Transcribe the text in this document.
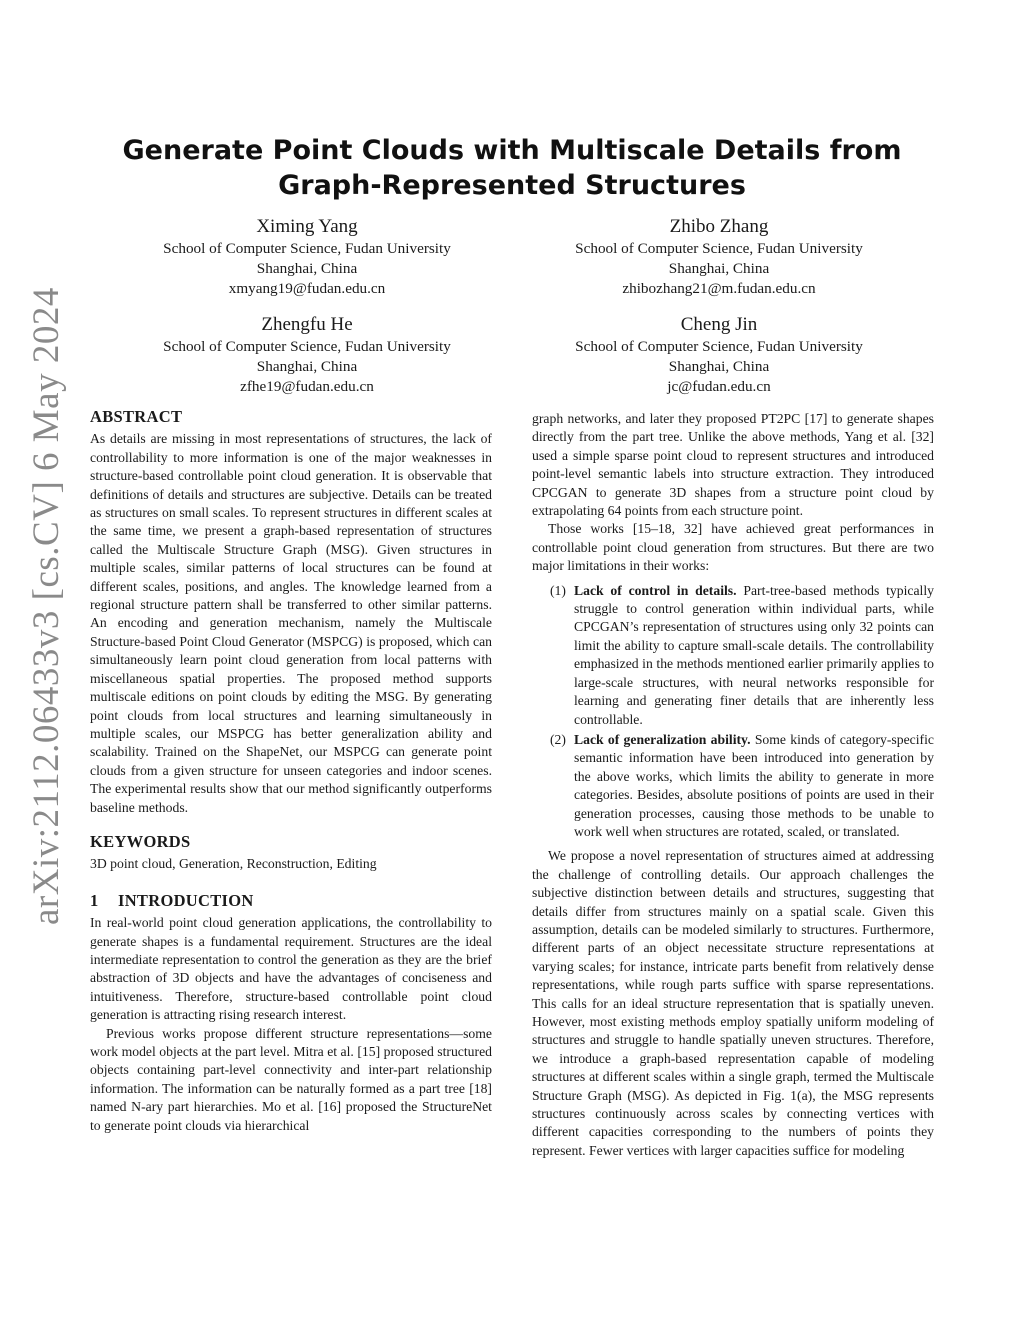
arXiv:2112.06433v3 [cs.CV] 6 May 2024
Generate Point Clouds with Multiscale Details from Graph-Represented Structures
Ximing Yang
School of Computer Science, Fudan University
Shanghai, China
xmyang19@fudan.edu.cn
Zhibo Zhang
School of Computer Science, Fudan University
Shanghai, China
zhibozhang21@m.fudan.edu.cn
Zhengfu He
School of Computer Science, Fudan University
Shanghai, China
zfhe19@fudan.edu.cn
Cheng Jin
School of Computer Science, Fudan University
Shanghai, China
jc@fudan.edu.cn
ABSTRACT

As details are missing in most representations of structures, the lack of controllability to more information is one of the major weaknesses in structure-based controllable point cloud generation. It is observable that definitions of details and structures are subjective. Details can be treated as structures on small scales. To represent structures in different scales at the same time, we present a graph-based representation of structures called the Multiscale Structure Graph (MSG). Given structures in multiple scales, similar patterns of local structures can be found at different scales, positions, and angles. The knowledge learned from a regional structure pattern shall be transferred to other similar patterns. An encoding and generation mechanism, namely the Multiscale Structure-based Point Cloud Generator (MSPCG) is proposed, which can simultaneously learn point cloud generation from local patterns with miscellaneous spatial properties. The proposed method supports multiscale editions on point clouds by editing the MSG. By generating point clouds from local structures and learning simultaneously in multiple scales, our MSPCG has better generalization ability and scalability. Trained on the ShapeNet, our MSPCG can generate point clouds from a given structure for unseen categories and indoor scenes. The experimental results show that our method significantly outperforms baseline methods.

KEYWORDS

3D point cloud, Generation, Reconstruction, Editing

1 INTRODUCTION

In real-world point cloud generation applications, the controllability to generate shapes is a fundamental requirement. Structures are the ideal intermediate representation to control the generation as they are the brief abstraction of 3D objects and have the advantages of conciseness and intuitiveness. Therefore, structure-based controllable point cloud generation is attracting rising research interest.

Previous works propose different structure representations—some work model objects at the part level. Mitra et al. [15] proposed structured objects containing part-level connectivity and inter-part relationship information. The information can be naturally formed as a part tree [18] named N-ary part hierarchies. Mo et al. [16] proposed the StructureNet to generate point clouds via hierarchical

graph networks, and later they proposed PT2PC [17] to generate shapes directly from the part tree. Unlike the above methods, Yang et al. [32] used a simple sparse point cloud to represent structures and introduced point-level semantic labels into structure extraction. They introduced CPCGAN to generate 3D shapes from a structure point cloud by extrapolating 64 points from each structure point.

Those works [15–18, 32] have achieved great performances in controllable point cloud generation from structures. But there are two major limitations in their works:

(1) Lack of control in details. Part-tree-based methods typically struggle to control generation within individual parts, while CPCGAN’s representation of structures using only 32 points can limit the ability to capture small-scale details. The controllability emphasized in the methods mentioned earlier primarily applies to large-scale structures, with neural networks responsible for learning and generating finer details that are inherently less controllable.
(2) Lack of generalization ability. Some kinds of category-specific semantic information have been introduced into generation by the above works, which limits the ability to generate in more categories. Besides, absolute positions of points are used in their generation processes, causing those methods to be unable to work well when structures are rotated, scaled, or translated.

We propose a novel representation of structures aimed at addressing the challenge of controlling details. Our approach challenges the subjective distinction between details and structures, suggesting that details differ from structures mainly on a spatial scale. Given this assumption, details can be modeled similarly to structures. Furthermore, different parts of an object necessitate structure representations at varying scales; for instance, intricate parts benefit from relatively dense representations, while rough parts suffice with sparse representations. This calls for an ideal structure representation that is spatially uneven. However, most existing methods employ spatially uniform modeling of structures and struggle to handle spatially uneven structures. Therefore, we introduce a graph-based representation capable of modeling structures at different scales within a single graph, termed the Multiscale Structure Graph (MSG). As depicted in Fig. 1(a), the MSG represents structures continuously across scales by connecting vertices with different capacities corresponding to the numbers of points they represent. Fewer vertices with larger capacities suffice for modeling
